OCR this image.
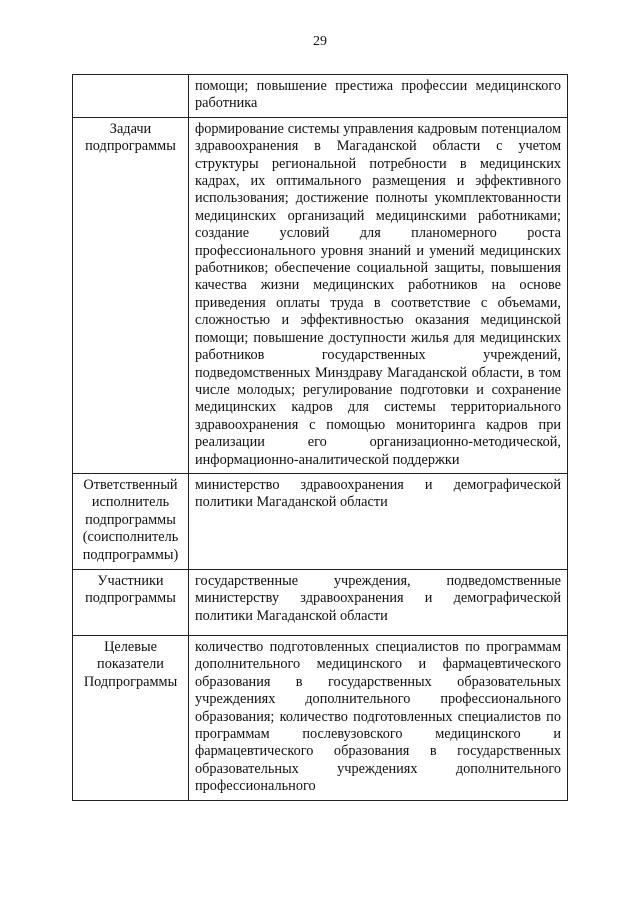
29
	помощи; повышение престижа профессии медицинского работника
Задачи подпрограммы	формирование системы управления кадровым потенциалом здравоохранения в Магаданской области с учетом структуры региональной потребности в медицинских кадрах, их оптимального размещения и эффективного использования; достижение полноты укомплектованности медицинских организаций медицинскими работниками; создание условий для планомерного роста профессионального уровня знаний и умений медицинских работников; обеспечение социальной защиты, повышения качества жизни медицинских работников на основе приведения оплаты труда в соответствие с объемами, сложностью и эффективностью оказания медицинской помощи; повышение доступности жилья для медицинских работников государственных учреждений, подведомственных Минздраву Магаданской области, в том числе молодых; регулирование подготовки и сохранение медицинских кадров для системы территориального здравоохранения с помощью мониторинга кадров при реализации его организационно-методической, информационно-аналитической поддержки
Ответственный исполнитель подпрограммы (соисполнитель подпрограммы)	министерство здравоохранения и демографической политики Магаданской области
Участники подпрограммы	государственные учреждения, подведомственные министерству здравоохранения и демографической политики Магаданской области
Целевые показатели Подпрограммы	количество подготовленных специалистов по программам дополнительного медицинского и фармацевтического образования в государственных образовательных учреждениях дополнительного профессионального образования; количество подготовленных специалистов по программам послевузовского медицинского и фармацевтического образования в государственных образовательных учреждениях дополнительного профессионального
